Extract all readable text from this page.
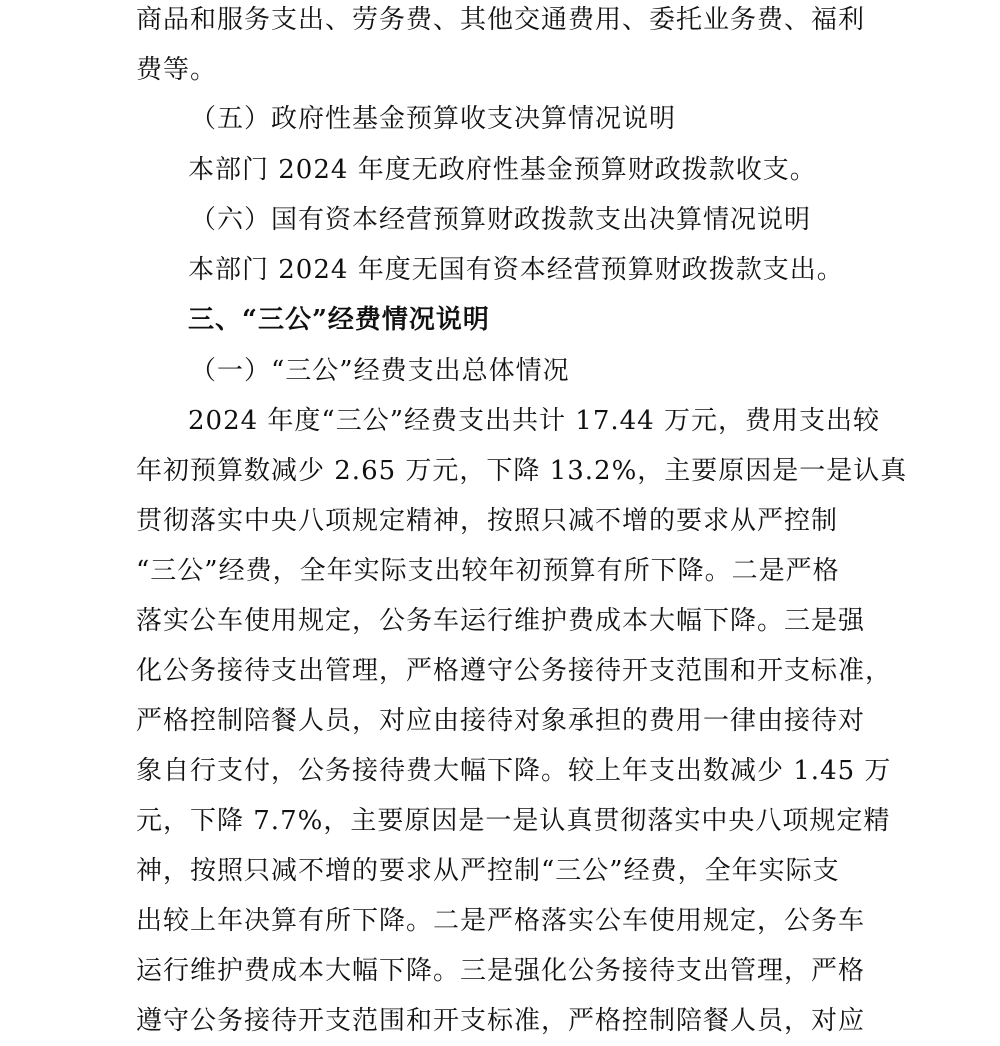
商品和服务支出、劳务费、其他交通费用、委托业务费、福利
费等。
（五）政府性基金预算收支决算情况说明
本部门 2024 年度无政府性基金预算财政拨款收支。
（六）国有资本经营预算财政拨款支出决算情况说明
本部门 2024 年度无国有资本经营预算财政拨款支出。
三、“三公”经费情况说明
（一）“三公”经费支出总体情况
2024 年度“三公”经费支出共计 17.44 万元，费用支出较
年初预算数减少 2.65 万元，下降 13.2%，主要原因是一是认真
贯彻落实中央八项规定精神，按照只减不增的要求从严控制
“三公”经费，全年实际支出较年初预算有所下降。二是严格
落实公车使用规定，公务车运行维护费成本大幅下降。三是强
化公务接待支出管理，严格遵守公务接待开支范围和开支标准，
严格控制陪餐人员，对应由接待对象承担的费用一律由接待对
象自行支付，公务接待费大幅下降。较上年支出数减少 1.45 万
元，下降 7.7%，主要原因是一是认真贯彻落实中央八项规定精
神，按照只减不增的要求从严控制“三公”经费，全年实际支
出较上年决算有所下降。二是严格落实公车使用规定，公务车
运行维护费成本大幅下降。三是强化公务接待支出管理，严格
遵守公务接待开支范围和开支标准，严格控制陪餐人员，对应
